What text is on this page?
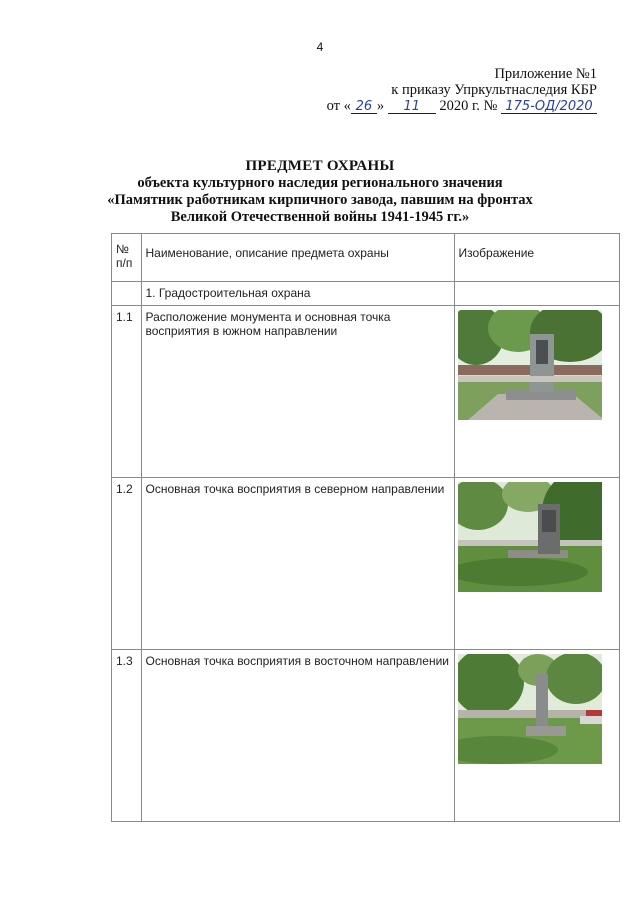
4
Приложение №1
к приказу Упркультнаследия КБР
от « 26 » 11 2020 г. № 175-ОД/2020
ПРЕДМЕТ ОХРАНЫ
объекта культурного наследия регионального значения
«Памятник работникам кирпичного завода, павшим на фронтах
Великой Отечественной войны 1941-1945 гг.»
№ п/п	Наименование, описание предмета охраны	Изображение
	1. Градостроительная охрана	
1.1	Расположение монумента и основная точка восприятия в южном направлении	

1.2	Основная точка восприятия в северном направлении	

1.3	Основная точка восприятия в восточном направлении	
